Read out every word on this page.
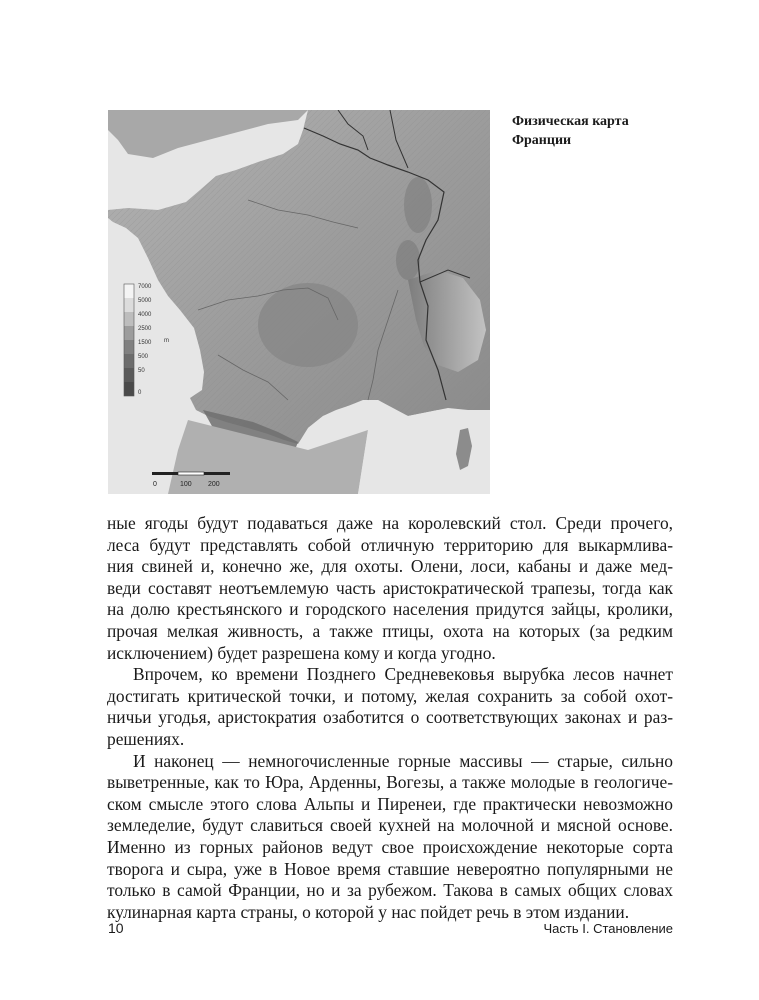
7000
5000
4000
2500
1500
500
50
0
m
0	100 200
Физическая карта
Франции
ные ягоды будут подаваться даже на королевский стол. Среди прочего,
леса будут представлять собой отличную территорию для выкармлива-
ния свиней и, конечно же, для охоты. Олени, лоси, кабаны и даже мед-
веди составят неотъемлемую часть аристократической трапезы, тогда как
на долю крестьянского и городского населения придутся зайцы, кролики,
прочая мелкая живность, а также птицы, охота на которых (за редким
исключением) будет разрешена кому и когда угодно.
Впрочем, ко времени Позднего Средневековья вырубка лесов начнет
достигать критической точки, и потому, желая сохранить за собой охот-
ничьи угодья, аристократия озаботится о соответствующих законах и раз-
решениях.
И наконец — немногочисленные горные массивы — старые, сильно
выветренные, как то Юра, Арденны, Вогезы, а также молодые в геологиче-
ском смысле этого слова Альпы и Пиренеи, где практически невозможно
земледелие, будут славиться своей кухней на молочной и мясной основе.
Именно из горных районов ведут свое происхождение некоторые сорта
творога и сыра, уже в Новое время ставшие невероятно популярными не
только в самой Франции, но и за рубежом. Такова в самых общих словах
кулинарная карта страны, о которой у нас пойдет речь в этом издании.
10	Часть I. Становление
